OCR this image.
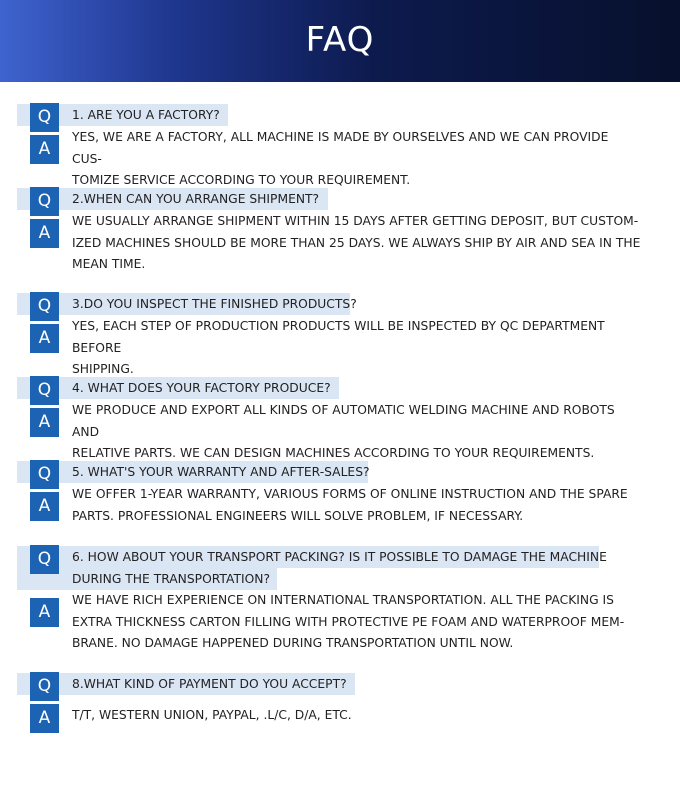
FAQ
Q
A
1. ARE YOU A FACTORY?
YES, WE ARE A FACTORY, ALL MACHINE IS MADE BY OURSELVES AND WE CAN PROVIDE CUS-
TOMIZE SERVICE ACCORDING TO YOUR REQUIREMENT.
Q
A
2.WHEN CAN YOU ARRANGE SHIPMENT?
WE USUALLY ARRANGE SHIPMENT WITHIN 15 DAYS AFTER GETTING DEPOSIT, BUT CUSTOM-
IZED MACHINES SHOULD BE MORE THAN 25 DAYS. WE ALWAYS SHIP BY AIR AND SEA IN THE
MEAN TIME.
Q
A
3.DO YOU INSPECT THE FINISHED PRODUCTS?
YES, EACH STEP OF PRODUCTION PRODUCTS WILL BE INSPECTED BY QC DEPARTMENT BEFORE
SHIPPING.
Q
A
4. WHAT DOES YOUR FACTORY PRODUCE?
WE PRODUCE AND EXPORT ALL KINDS OF AUTOMATIC WELDING MACHINE AND ROBOTS AND
RELATIVE PARTS. WE CAN DESIGN MACHINES ACCORDING TO YOUR REQUIREMENTS.
Q
A
5. WHAT'S YOUR WARRANTY AND AFTER-SALES?
WE OFFER 1-YEAR WARRANTY, VARIOUS FORMS OF ONLINE INSTRUCTION AND THE SPARE
PARTS. PROFESSIONAL ENGINEERS WILL SOLVE PROBLEM, IF NECESSARY.
Q
A
6. HOW ABOUT YOUR TRANSPORT PACKING? IS IT POSSIBLE TO DAMAGE THE MACHINE
DURING THE TRANSPORTATION?
WE HAVE RICH EXPERIENCE ON INTERNATIONAL TRANSPORTATION. ALL THE PACKING IS
EXTRA THICKNESS CARTON FILLING WITH PROTECTIVE PE FOAM AND WATERPROOF MEM-
BRANE. NO DAMAGE HAPPENED DURING TRANSPORTATION UNTIL NOW.
Q
A
8.WHAT KIND OF PAYMENT DO YOU ACCEPT?
T/T, WESTERN UNION, PAYPAL, .L/C, D/A, ETC.
